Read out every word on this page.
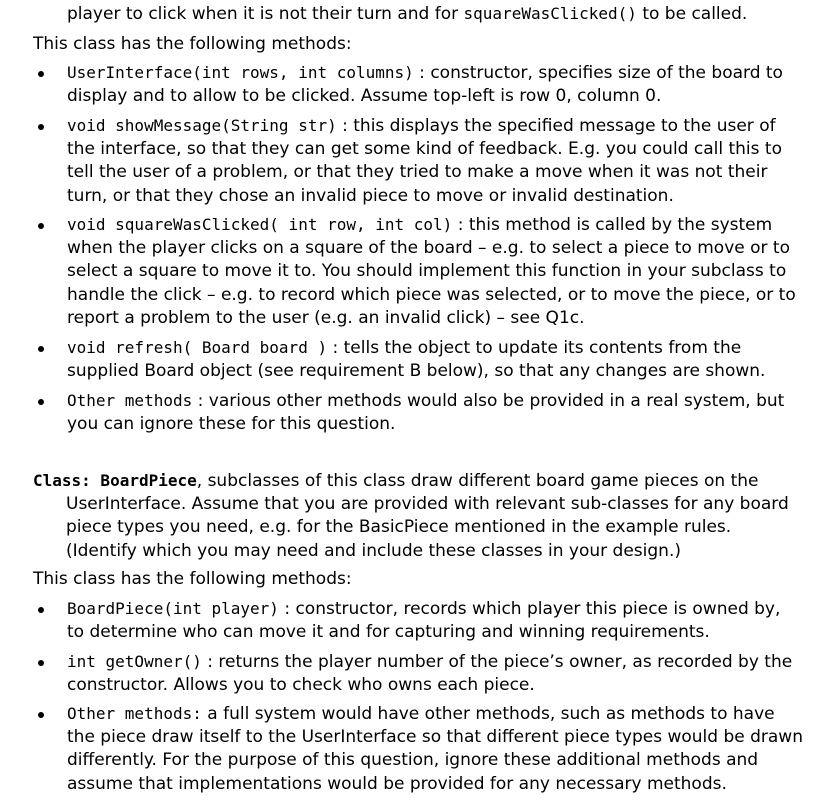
player to click when it is not their turn and for squareWasClicked() to be called.
This class has the following methods:
UserInterface(int rows, int columns) : constructor, specifies size of the board to
display and to allow to be clicked. Assume top-left is row 0, column 0.
void showMessage(String str) : this displays the specified message to the user of
the interface, so that they can get some kind of feedback. E.g. you could call this to
tell the user of a problem, or that they tried to make a move when it was not their
turn, or that they chose an invalid piece to move or invalid destination.
void squareWasClicked( int row, int col) : this method is called by the system
when the player clicks on a square of the board – e.g. to select a piece to move or to
select a square to move it to. You should implement this function in your subclass to
handle the click – e.g. to record which piece was selected, or to move the piece, or to
report a problem to the user (e.g. an invalid click) – see Q1c.
void refresh( Board board ) : tells the object to update its contents from the
supplied Board object (see requirement B below), so that any changes are shown.
Other methods : various other methods would also be provided in a real system, but
you can ignore these for this question.
Class: BoardPiece, subclasses of this class draw different board game pieces on the
UserInterface. Assume that you are provided with relevant sub-classes for any board
piece types you need, e.g. for the BasicPiece mentioned in the example rules.
(Identify which you may need and include these classes in your design.)
This class has the following methods:
BoardPiece(int player) : constructor, records which player this piece is owned by,
to determine who can move it and for capturing and winning requirements.
int getOwner() : returns the player number of the piece’s owner, as recorded by the
constructor. Allows you to check who owns each piece.
Other methods: a full system would have other methods, such as methods to have
the piece draw itself to the UserInterface so that different piece types would be drawn
differently. For the purpose of this question, ignore these additional methods and
assume that implementations would be provided for any necessary methods.
